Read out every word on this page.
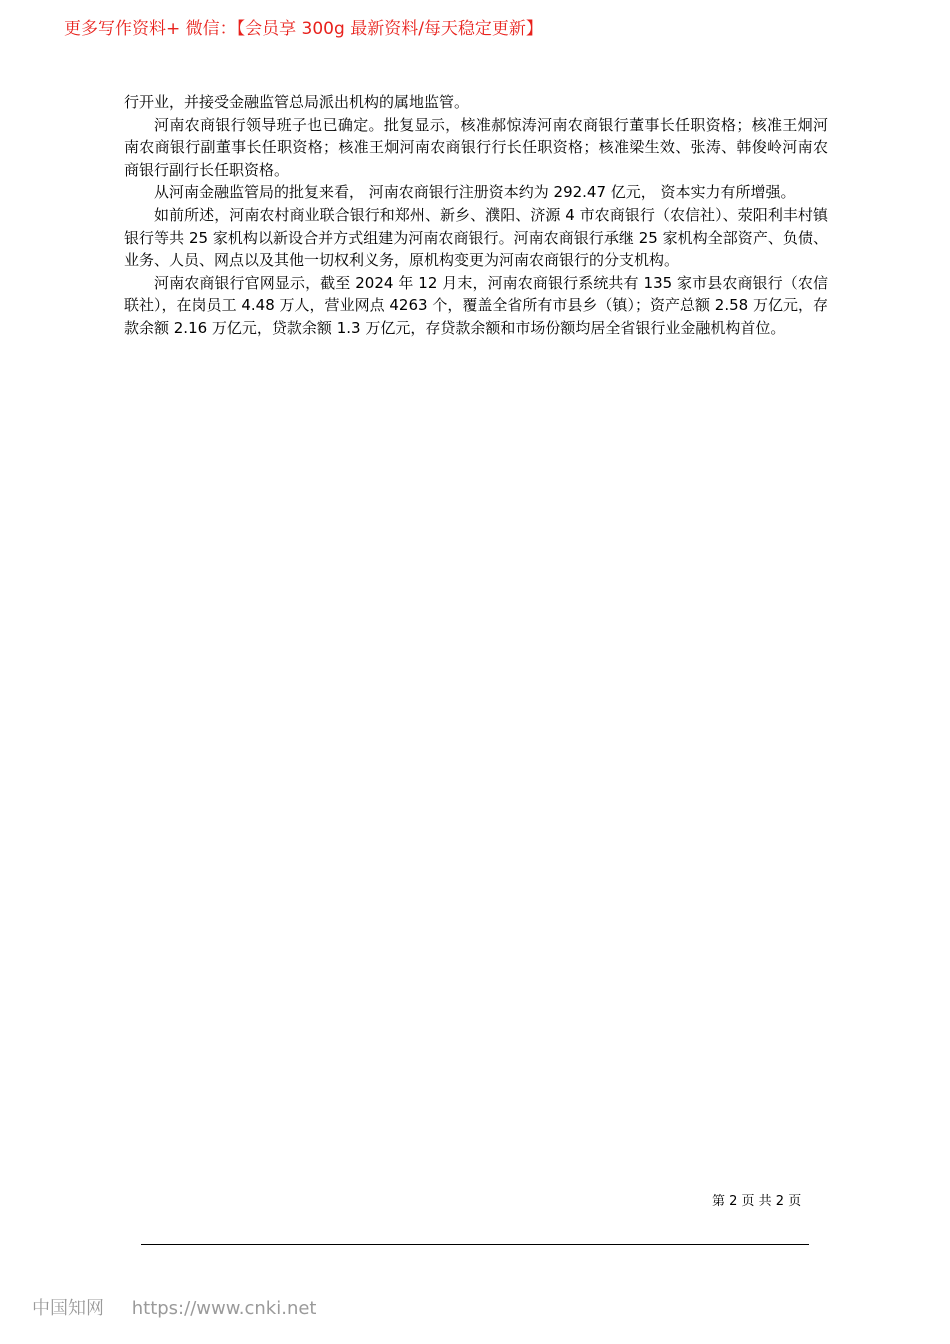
更多写作资料+ 微信：【会员享 300g 最新资料/每天稳定更新】

行开业，并接受金融监管总局派出机构的属地监管。

河南农商银行领导班子也已确定。批复显示，核准郝惊涛河南农商银行董事长任职资格；核准王炯河南农商银行副董事长任职资格；核准王炯河南农商银行行长任职资格；核准梁生效、张涛、韩俊岭河南农商银行副行长任职资格。

从河南金融监管局的批复来看， 河南农商银行注册资本约为 292.47 亿元， 资本实力有所增强。

如前所述，河南农村商业联合银行和郑州、新乡、濮阳、济源 4 市农商银行（农信社）、荥阳利丰村镇银行等共 25 家机构以新设合并方式组建为河南农商银行。河南农商银行承继 25 家机构全部资产、负债、业务、人员、网点以及其他一切权利义务，原机构变更为河南农商银行的分支机构。

河南农商银行官网显示，截至 2024 年 12 月末，河南农商银行系统共有 135 家市县农商银行（农信联社），在岗员工 4.48 万人，营业网点 4263 个，覆盖全省所有市县乡（镇）；资产总额 2.58 万亿元，存款余额 2.16 万亿元，贷款余额 1.3 万亿元，存贷款余额和市场份额均居全省银行业金融机构首位。

第 2 页 共 2 页
中国知网 https://www.cnki.net
